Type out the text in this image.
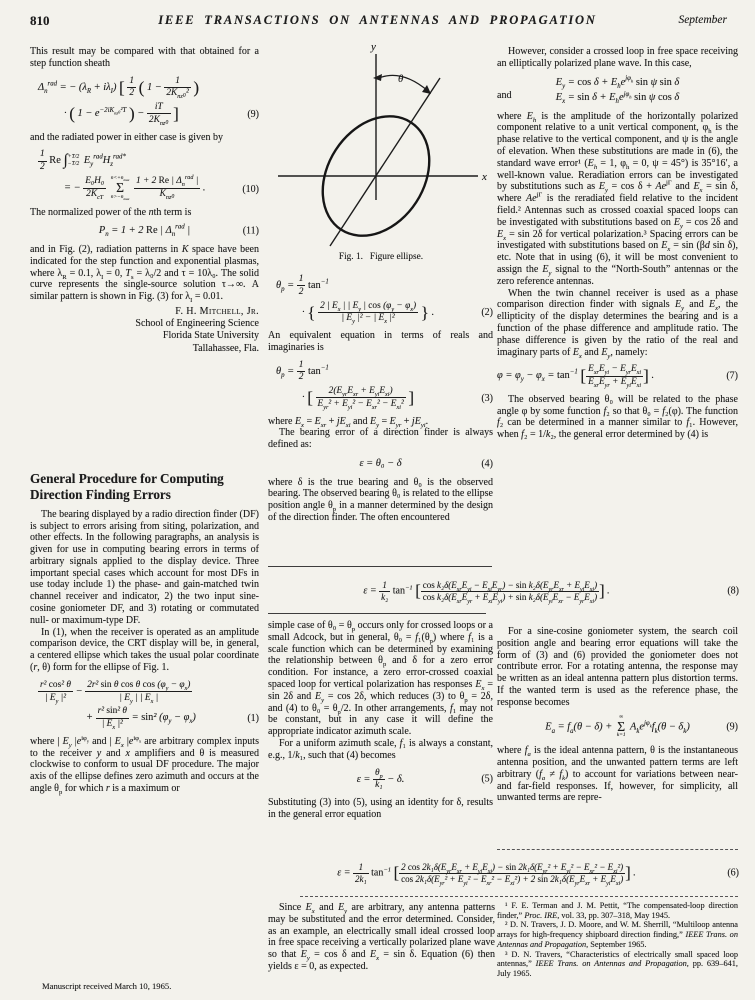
810	IEEE TRANSACTIONS ON ANTENNAS AND PROPAGATION	September

This result may be compared with that obtained for a step function sheath

$\Delta_n^{rad}$ = − $(\lambda_R + i\lambda_I)$ [ $\frac{1}{2}$ ( 1 −
1
$2K_{nz}_0^2$ )
· ( $1 - e^{-2iK_{nz}_0^2T}$ ) −
iT
$2K_{nz}_0$ ]	(9)

and the radiated power in either case is given by

$\frac{1}{2}$ Re ∫ +T/2
−T/2 $E_y^{rad}H_z^{rad*}$
= −
E₀H₀
$2K_{cT}$

$n<+n_{max}$
Σ
$n>-n_{max}$

1 + 2 Re | $\Delta_n^{rad}$ |
$K_{nz}_0$
.	(10)

The normalized power of the nth term is

$P_n = 1 + 2$ Re | $\Delta_n^{rad}$ |	(11)

and in Fig. (2), radiation patterns in K space have been indicated for the step function and exponential plasmas, where $\lambda_R = 0.1$, $\lambda_I = 0$, $T_s = \lambda_0/2$ and τ = 10λ₀. The solid curve represents the single-source solution τ→∞. A similar pattern is shown in Fig. (3) for $\lambda_I = 0.01$.

F. H. Mitchell, Jr.
School of Engineering Science
Florida State University
Tallahassee, Fla.
General Procedure for Computing Direction Finding Errors

The bearing displayed by a radio direction finder (DF) is subject to errors arising from siting, polarization, and other effects. In the following paragraphs, an analysis is given for use in computing bearing errors in terms of arbitrary signals applied to the display device. Three important special cases which account for most DFs in use today include 1) the phase- and gain-matched twin channel receiver and indicator, 2) the two input sine-cosine goniometer DF, and 3) rotating or commutated null- or maximum-type DF.

In (1), when the receiver is operated as an amplitude comparison device, the CRT display will be, in general, a centered ellipse which takes the usual polar coordinate (r, θ) form for the ellipse of Fig. 1.

$\frac{\text{r² cos² θ}}{| E_y |^2} - \frac{2r^2 \sin \theta \cos \theta \cos (\varphi_y - \varphi_x)}{| E_y | | E_x |}$
+ $\frac{\text{r² sin² θ}}{| E_x |^2} = \sin^2$ $(\varphi_y - \varphi_x)$	(1)

where | $E_y$ $|e^{i\varphi_y}$ and | $E_x$ $|e^{i\varphi_x}$ are arbitrary complex inputs to the receiver y and x amplifiers and θ is measured clockwise to conform to usual DF procedure. The major axis of the ellipse defines zero azimuth and occurs at the angle $\theta_p$ for which r is a maximum or

y
x
θ
Fig. 1.   Figure ellipse.
$\theta_p = \frac{1}{2} \tan^{-1}$
· { $\frac{2 | E_x | | E_y | \cos (\varphi_y - \varphi_x)}{| E_y |^2 - | E_x |^2}$ } .	(2)

An equivalent equation in terms of reals and imaginaries is

$\theta_p = \frac{1}{2} \tan^{-1}$
· [	$2(E_{yr}E_{xr} + E_{yi}E_{xi})$
$E_{yr}^2 + E_{yi}^2 - E_{xr}^2 - E_{xi}^2$ ]	(3)

where $E_x = E_{xr} + jE_{xi}$ and $E_y = E_{yr} + jE_{yi}$.

The bearing error of a direction finder is always defined as:

ε = θ₀ − δ	(4)

where δ is the true bearing and θ₀ is the observed bearing. The observed bearing θ₀ is related to the ellipse position angle $\theta_p$ in a manner determined by the design of the direction finder. The often encountered

$\varepsilon = \frac{1}{\text{k₂}} \tan^{-1}$ [ $\cos k_2\delta(E_{xr}E_{yi} - E_{xi}E_{yr}) - \sin k_2\delta(E_{yr}E_{xr} + E_{yi}E_{xi})$
$\cos k_2\delta(E_{xr}E_{yr} + E_{xi}E_{yi}) + \sin k_2\delta(E_{yi}E_{xr} - E_{yr}E_{xi})$ ] .	(8)

simple case of $\theta_0 = \theta_p$ occurs only for crossed loops or a small Adcock, but in general, $\theta_0 = f_1(\theta_p)$ where f₁ is a scale function which can be determined by examining the relationship between $\theta_p$ and δ for a zero error condition. For instance, a zero error-crossed coaxial spaced loop for vertical polarization has responses $E_x = \sin 2\delta$ and $E_y = \cos 2\delta$, which reduces (3) to $\theta_p = 2\delta$, and (4) to $\theta_0 = \theta_p/2$. In other arrangements, f₁ may not be constant, but in any case it will define the appropriate indicator azimuth scale.

For a uniform azimuth scale, f₁ is always a constant, e.g., 1/k₁, such that (4) becomes

$\varepsilon = \frac{\theta_p}{\text{k₁}} - \delta$.	(5)

Substituting (3) into (5), using an identity for δ, results in the general error equation

$\varepsilon = \frac{1}{\text{2k₁}} \tan^{-1}$ [ 2 $\cos 2k_1\delta(E_{yr}E_{xr} + E_{yi}E_{xi}) - \sin 2k_1\delta(E_{yr}^2 + E_{yi}^2 - E_{xr}^2 - E_{xi}^2)$
$\cos 2k_1\delta(E_{yr}^2 + E_{yi}^2 - E_{xr}^2 - E_{xi}^2) + 2$ $\sin 2k_1\delta(E_{yr}E_{xr} + E_{yi}E_{xi})$ ] .	(6)

Since $E_x$ and $E_y$ are arbitrary, any antenna patterns may be substituted and the error determined. Consider, as an example, an electrically small ideal crossed loop in free space receiving a vertically polarized plane wave so that $E_y = \cos \delta$ and $E_x = \sin \delta$. Equation (6) then yields ε = 0, as expected.

However, consider a crossed loop in free space receiving an elliptically polarized plane wave. In this case,

and
$E_y = \cos \delta + E_he^{j\varphi_h}$ sin ψ sin δ
$E_x = \sin \delta + E_he^{j\varphi_h}$ sin ψ cos δ

where $E_h$ is the amplitude of the horizontally polarized component relative to a unit vertical component, $\varphi_h$ is the phase relative to the vertical component, and ψ is the angle of elevation. When these substitutions are made in (6), the standard wave error¹ ($E_h = 1$, $\varphi_h = 0$, ψ = 45°) is 35°16′, a well-known value. Reradiation errors can be investigated by substitutions such as $E_y = \cos \delta + Ae^{j\Gamma}$ and $E_x = \sin \delta$, where $Ae^{j\Gamma}$ is the reradiated field relative to the incident field.² Antennas such as crossed coaxial spaced loops can be investigated with substitutions based on $E_y = \cos 2\delta$ and $E_x = \sin 2\delta$ for vertical polarization.³ Spacing errors can be investigated with substitutions based on $E_x = \sin (\beta d$ sin δ), etc. Note that in using (6), it will be most convenient to assign the $E_y$ signal to the “North-South” antennas or the zero reference antennas.

When the twin channel receiver is used as a phase comparison direction finder with signals $E_y$ and $E_x$, the ellipticity of the display determines the bearing and is a function of the phase difference and amplitude ratio. The phase difference is given by the ratio of the real and imaginary parts of $E_x$ and $E_y$, namely:

$\varphi = \varphi_y - \varphi_x = \tan^{-1}$ [ $E_{xr}E_{yi} - E_{yr}E_{xi}$
$E_{xr}E_{yr} + E_{yi}E_{xi}$
] .	(7)

The observed bearing θ₀ will be related to the phase angle φ by some function f₂ so that θ₀ = f₂(φ). The function f₂ can be determined in a manner similar to f₁. However, when f₂ = 1/k₂, the general error determined by (4) is

For a sine-cosine goniometer system, the search coil position angle and bearing error equations will take the form of (3) and (6) provided the goniometer does not contribute error. For a rotating antenna, the response may be written as an ideal antenna pattern plus distortion terms. If the wanted term is used as the reference phase, the response becomes

$E_a = f_a(\theta - \delta)$ +
∞
Σ
k=1
$A_ke^{j\varphi_k}f_k(\theta - \delta_k)$	(9)

where $f_a$ is the ideal antenna pattern, θ is the instantaneous antenna position, and the unwanted pattern terms are left arbitrary $(f_a \ne f_k)$ to account for variations between near- and far-field responses. If, however, for simplicity, all unwanted terms are repre-

¹ F. E. Terman and J. M. Pettit, “The compensated-loop direction finder,” Proc. IRE, vol. 33, pp. 307–318, May 1945.

² D. N. Travers, J. D. Moore, and W. M. Sherrill, “Multiloop antenna arrays for high-frequency shipboard direction finding,” IEEE Trans. on Antennas and Propagation, September 1965.

³ D. N. Travers, “Characteristics of electrically small spaced loop antennas,” IEEE Trans. on Antennas and Propagation, pp. 639–641, July 1965.

Manuscript received March 10, 1965.
